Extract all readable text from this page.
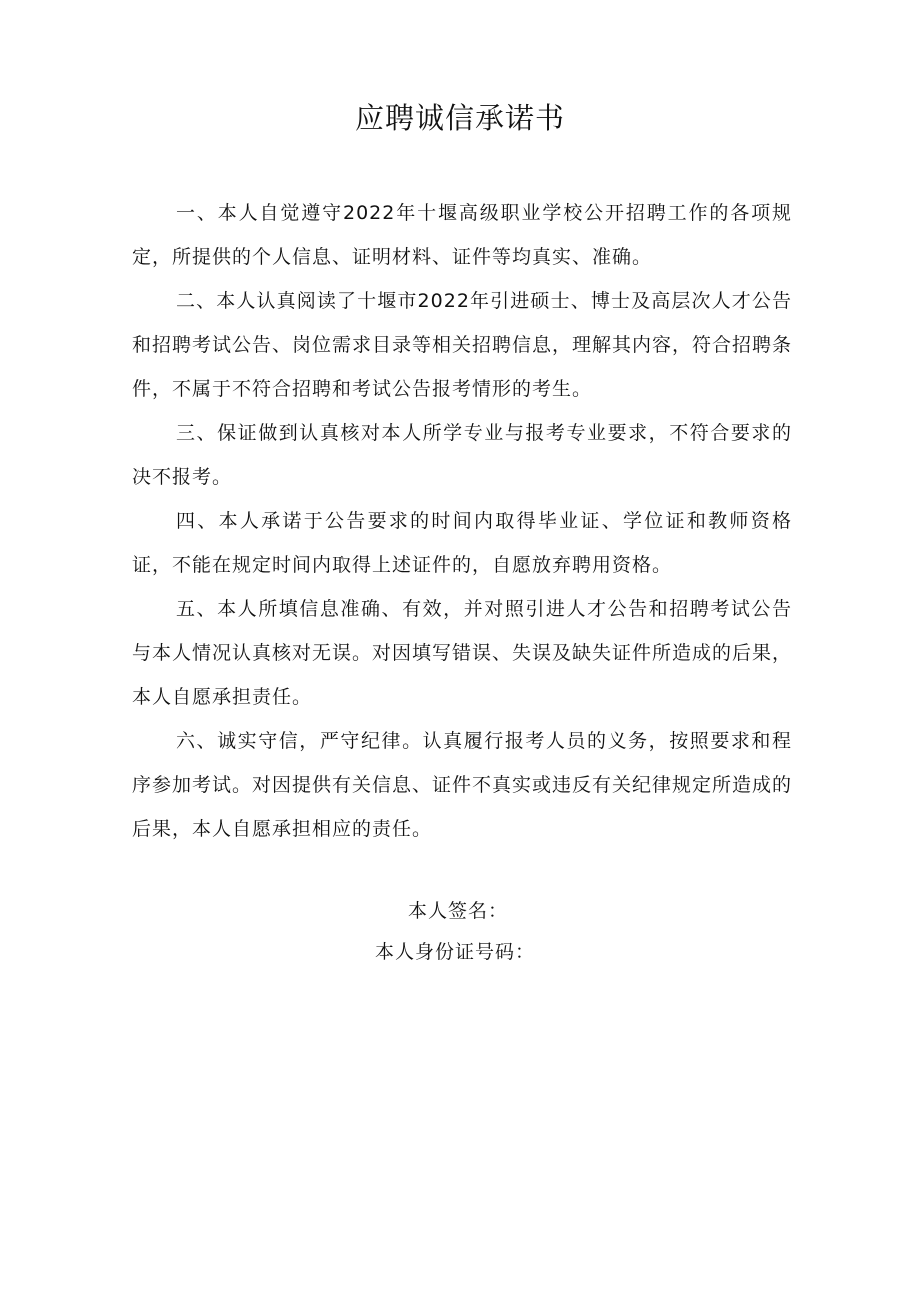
应聘诚信承诺书

一、本人自觉遵守2022年十堰高级职业学校公开招聘工作的各项规定，所提供的个人信息、证明材料、证件等均真实、准确。

二、本人认真阅读了十堰市2022年引进硕士、博士及高层次人才公告和招聘考试公告、岗位需求目录等相关招聘信息，理解其内容，符合招聘条件，不属于不符合招聘和考试公告报考情形的考生。

三、保证做到认真核对本人所学专业与报考专业要求，不符合要求的决不报考。

四、本人承诺于公告要求的时间内取得毕业证、学位证和教师资格证，不能在规定时间内取得上述证件的，自愿放弃聘用资格。

五、本人所填信息准确、有效，并对照引进人才公告和招聘考试公告与本人情况认真核对无误。对因填写错误、失误及缺失证件所造成的后果，本人自愿承担责任。

六、诚实守信，严守纪律。认真履行报考人员的义务，按照要求和程序参加考试。对因提供有关信息、证件不真实或违反有关纪律规定所造成的后果，本人自愿承担相应的责任。

本人签名：
本人身份证号码：
